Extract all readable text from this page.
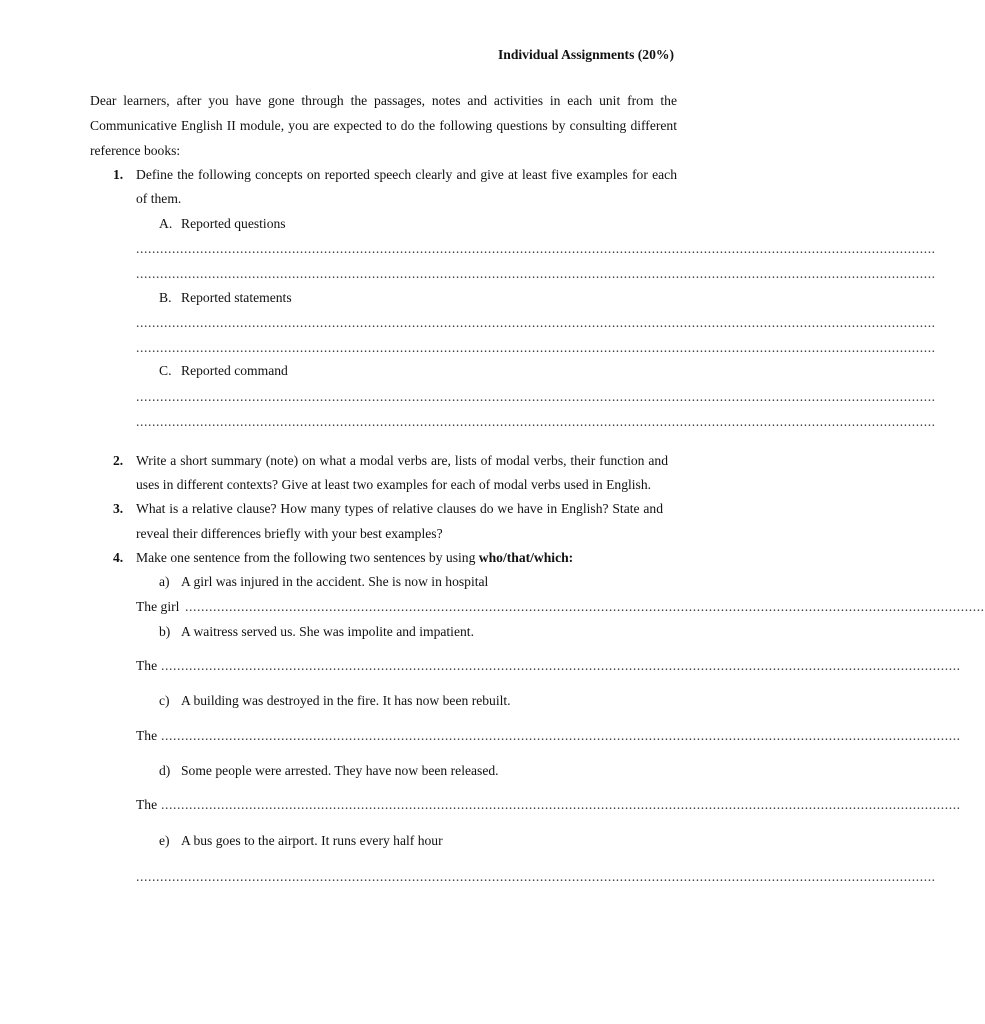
Individual Assignments (20%)
Dear learners, after you have gone through the passages, notes and activities in each unit from the
Communicative English II module, you are expected to do the following questions by consulting different
reference books:
1. Define the following concepts on reported speech clearly and give at least five examples for each
of them.
A. Reported questions
........................................................................................................................................................................................................
........................................................................................................................................................................................................
B. Reported statements
........................................................................................................................................................................................................
........................................................................................................................................................................................................
C. Reported command
........................................................................................................................................................................................................
........................................................................................................................................................................................................
2. Write a short summary (note) on what a modal verbs are, lists of modal verbs, their function and
uses in different contexts? Give at least two examples for each of modal verbs used in English.
3. What is a relative clause? How many types of relative clauses do we have in English? State and
reveal their differences briefly with your best examples?
4. Make one sentence from the following two sentences by using who/that/which:
a) A girl was injured in the accident. She is now in hospital
The girl ........................................................................................................................................................................................................
b) A waitress served us. She was impolite and impatient.
The ........................................................................................................................................................................................................
c) A building was destroyed in the fire. It has now been rebuilt.
The ........................................................................................................................................................................................................
d) Some people were arrested. They have now been released.
The ........................................................................................................................................................................................................
e) A bus goes to the airport. It runs every half hour
........................................................................................................................................................................................................
